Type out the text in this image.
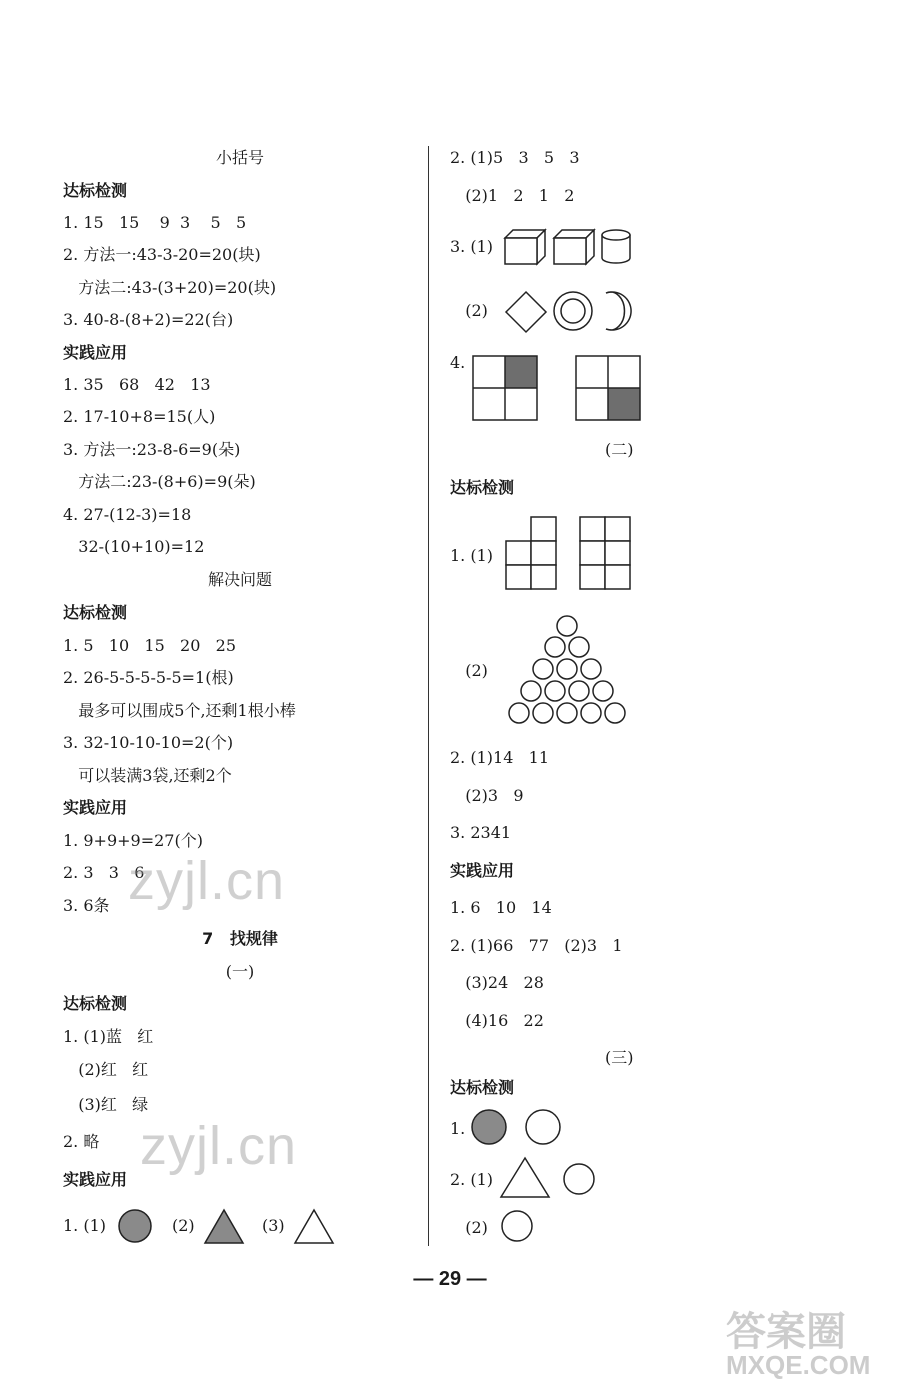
小括号
达标检测
1. 15   15    9  3    5   5
2. 方法一:43-3-20=20(块)
方法二:43-(3+20)=20(块)
3. 40-8-(8+2)=22(台)
实践应用
1. 35   68   42   13
2. 17-10+8=15(人)
3. 方法一:23-8-6=9(朵)
方法二:23-(8+6)=9(朵)
4. 27-(12-3)=18
32-(10+10)=12
解决问题
达标检测
1. 5   10   15   20   25
2. 26-5-5-5-5-5=1(根)
最多可以围成5个,还剩1根小棒
3. 32-10-10-10=2(个)
可以装满3袋,还剩2个
实践应用
1. 9+9+9=27(个)
2. 3   3   6
3. 6条
7   找规律
(一)
达标检测
1. (1)蓝   红
(2)红   红
(3)红   绿
2. 略
实践应用
1. (1)	(2)	(3)
2. (1)5   3   5   3
(2)1   2   1   2
3. (1)
(2)
4.
(二)
达标检测
1. (1)
(2)
2. (1)14   11
(2)3   9
3. 2341
实践应用
1. 6   10   14
2. (1)66   77   (2)3   1
(3)24   28
(4)16   22
(三)
达标检测
1.
2. (1)
(2)
— 29 —
zyjl.cn
zyjl.cn
答案圈
MXQE.COM
